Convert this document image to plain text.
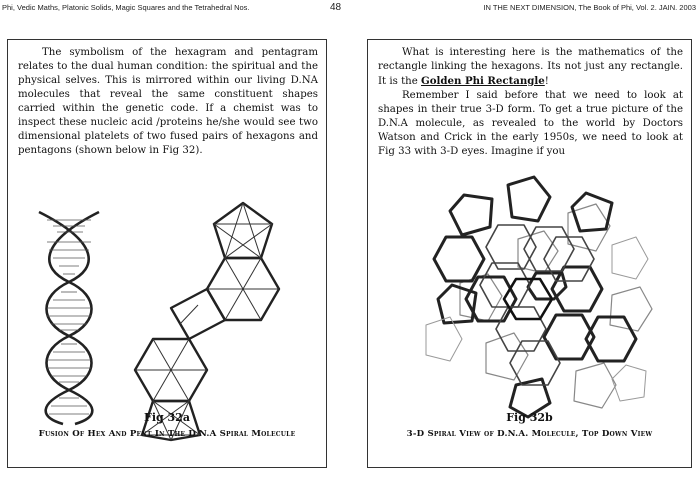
Phi, Vedic Maths, Platonic Solids, Magic Squares and the Tetrahedral Nos.	48	IN THE NEXT DIMENSION, The Book of Phi, Vol. 2. JAIN. 2003

The symbolism of the hexagram and pentagram relates to the dual human condition: the spiritual and the physical selves. This is mirrored within our living D.NA molecules that reveal the same constituent shapes carried within the genetic code. If a chemist was to inspect these nucleic acid /proteins he/she would see two dimensional platelets of two fused pairs of hexagons and pentagons (shown below in Fig 32).

Fig 32a
Fusion Of Hex And Pent In The D.N.A Spiral Molecule

What is interesting here is the mathematics of the rectangle linking the hexagons. Its not just any rectangle. It is the Golden Phi Rectangle!

Remember I said before that we need to look at shapes in their true 3-D form. To get a true picture of the D.N.A molecule, as revealed to the world by Doctors Watson and Crick in the early 1950s, we need to look at Fig 33 with 3-D eyes. Imagine if you

Fig 32b
3-D Spiral View of D.N.A. Molecule, Top Down View
